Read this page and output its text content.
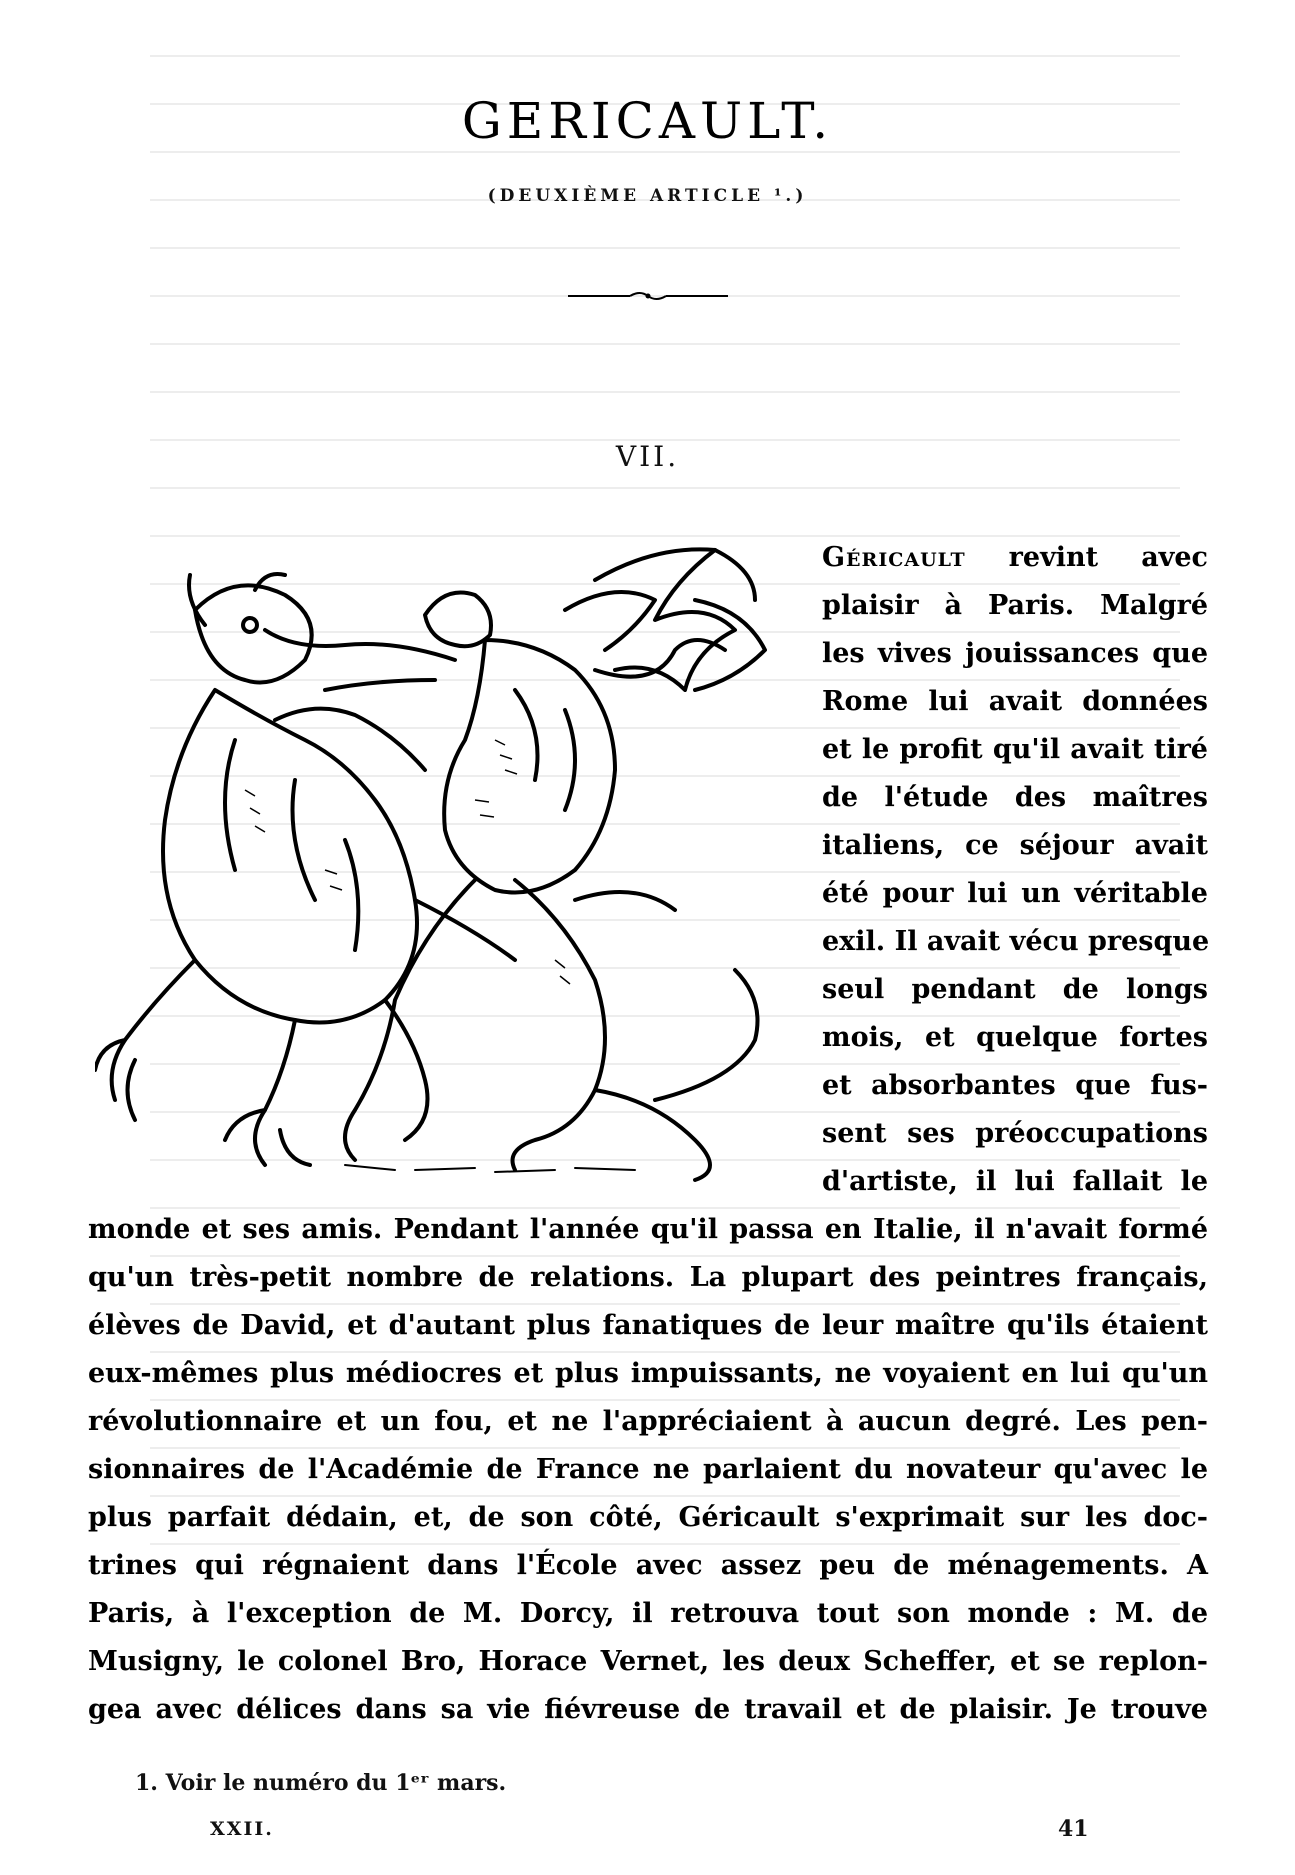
GERICAULT.
(DEUXIÈME ARTICLE ¹.)
VII.
Géricault revint avec
plaisir à Paris. Malgré
les vives jouissances que
Rome lui avait données
et le profit qu'il avait tiré
de l'étude des maîtres
italiens, ce séjour avait
été pour lui un véritable
exil. Il avait vécu presque
seul pendant de longs
mois, et quelque fortes
et absorbantes que fus-
sent ses préoccupations
d'artiste, il lui fallait le
monde et ses amis. Pendant l'année qu'il passa en Italie, il n'avait formé
qu'un très-petit nombre de relations. La plupart des peintres français,
élèves de David, et d'autant plus fanatiques de leur maître qu'ils étaient
eux-mêmes plus médiocres et plus impuissants, ne voyaient en lui qu'un
révolutionnaire et un fou, et ne l'appréciaient à aucun degré. Les pen-
sionnaires de l'Académie de France ne parlaient du novateur qu'avec le
plus parfait dédain, et, de son côté, Géricault s'exprimait sur les doc-
trines qui régnaient dans l'École avec assez peu de ménagements. A
Paris, à l'exception de M. Dorcy, il retrouva tout son monde : M. de
Musigny, le colonel Bro, Horace Vernet, les deux Scheffer, et se replon-
gea avec délices dans sa vie fiévreuse de travail et de plaisir. Je trouve
1. Voir le numéro du 1ᵉʳ mars.
XXII.	41
